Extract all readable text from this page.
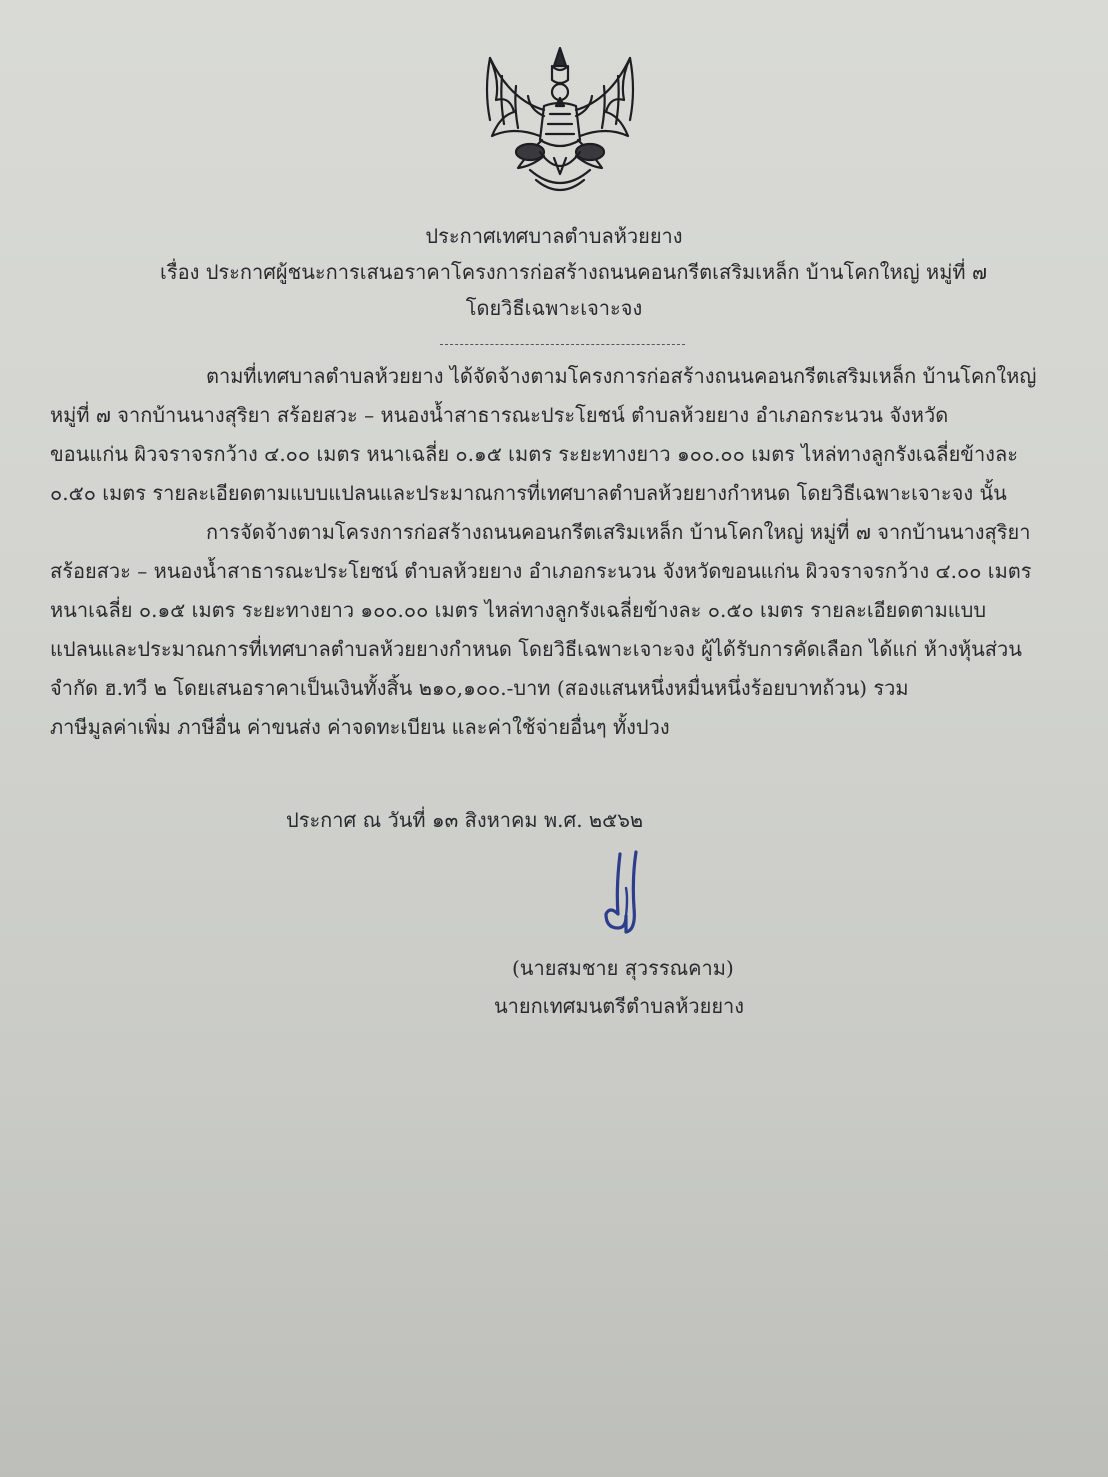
ประกาศเทศบาลตำบลห้วยยาง
เรื่อง ประกาศผู้ชนะการเสนอราคาโครงการก่อสร้างถนนคอนกรีตเสริมเหล็ก บ้านโคกใหญ่ หมู่ที่ ๗
โดยวิธีเฉพาะเจาะจง
ตามที่เทศบาลตำบลห้วยยาง ได้จัดจ้างตามโครงการก่อสร้างถนนคอนกรีตเสริมเหล็ก บ้านโคกใหญ่
หมู่ที่ ๗ จากบ้านนางสุริยา สร้อยสวะ – หนองน้ำสาธารณะประโยชน์ ตำบลห้วยยาง อำเภอกระนวน จังหวัด
ขอนแก่น ผิวจราจรกว้าง ๔.๐๐ เมตร หนาเฉลี่ย ๐.๑๕ เมตร ระยะทางยาว ๑๐๐.๐๐ เมตร ไหล่ทางลูกรังเฉลี่ยข้างละ
๐.๕๐ เมตร รายละเอียดตามแบบแปลนและประมาณการที่เทศบาลตำบลห้วยยางกำหนด โดยวิธีเฉพาะเจาะจง นั้น
การจัดจ้างตามโครงการก่อสร้างถนนคอนกรีตเสริมเหล็ก บ้านโคกใหญ่ หมู่ที่ ๗ จากบ้านนางสุริยา
สร้อยสวะ – หนองน้ำสาธารณะประโยชน์ ตำบลห้วยยาง อำเภอกระนวน จังหวัดขอนแก่น ผิวจราจรกว้าง ๔.๐๐ เมตร
หนาเฉลี่ย ๐.๑๕ เมตร ระยะทางยาว ๑๐๐.๐๐ เมตร ไหล่ทางลูกรังเฉลี่ยข้างละ ๐.๕๐ เมตร รายละเอียดตามแบบ
แปลนและประมาณการที่เทศบาลตำบลห้วยยางกำหนด โดยวิธีเฉพาะเจาะจง ผู้ได้รับการคัดเลือก ได้แก่ ห้างหุ้นส่วน
จำกัด ฮ.ทวี ๒ โดยเสนอราคาเป็นเงินทั้งสิ้น ๒๑๐,๑๐๐.-บาท (สองแสนหนึ่งหมื่นหนึ่งร้อยบาทถ้วน) รวม
ภาษีมูลค่าเพิ่ม ภาษีอื่น ค่าขนส่ง ค่าจดทะเบียน และค่าใช้จ่ายอื่นๆ ทั้งปวง
ประกาศ ณ วันที่ ๑๓ สิงหาคม พ.ศ. ๒๕๖๒
(นายสมชาย สุวรรณคาม)
นายกเทศมนตรีตำบลห้วยยาง
